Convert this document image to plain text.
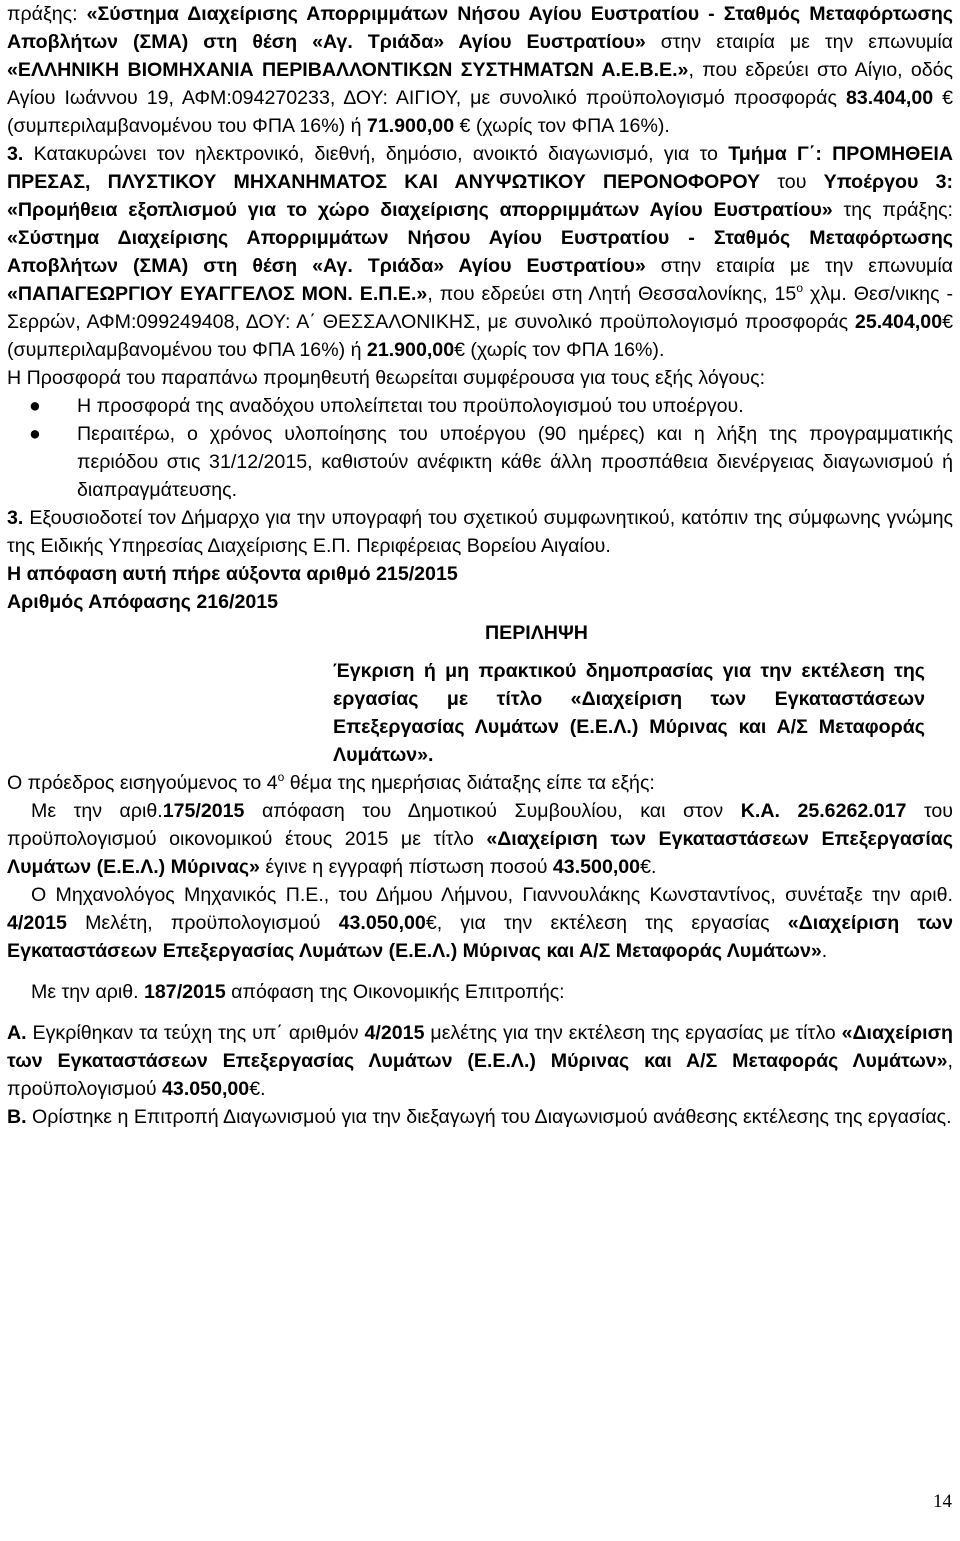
πράξης: «Σύστημα Διαχείρισης Απορριμμάτων Νήσου Αγίου Ευστρατίου - Σταθμός Μεταφόρτωσης Αποβλήτων (ΣΜΑ) στη θέση «Αγ. Τριάδα» Αγίου Ευστρατίου» στην εταιρία με την επωνυμία «ΕΛΛΗΝΙΚΗ ΒΙΟΜΗΧΑΝΙΑ ΠΕΡΙΒΑΛΛΟΝΤΙΚΩΝ ΣΥΣΤΗΜΑΤΩΝ Α.Ε.Β.Ε.», που εδρεύει στο Αίγιο, οδός Αγίου Ιωάννου 19, ΑΦΜ:094270233, ΔΟΥ: ΑΙΓΙΟΥ, με συνολικό προϋπολογισμό προσφοράς 83.404,00 € (συμπεριλαμβανομένου του ΦΠΑ 16%) ή 71.900,00 € (χωρίς τον ΦΠΑ 16%).

3. Κατακυρώνει τον ηλεκτρονικό, διεθνή, δημόσιο, ανοικτό διαγωνισμό, για το Τμήμα Γ΄: ΠΡΟΜΗΘΕΙΑ ΠΡΕΣΑΣ, ΠΛΥΣΤΙΚΟΥ ΜΗΧΑΝΗΜΑΤΟΣ ΚΑΙ ΑΝΥΨΩΤΙΚΟΥ ΠΕΡΟΝΟΦΟΡΟΥ του Υποέργου 3: «Προμήθεια εξοπλισμού για το χώρο διαχείρισης απορριμμάτων Αγίου Ευστρατίου» της πράξης: «Σύστημα Διαχείρισης Απορριμμάτων Νήσου Αγίου Ευστρατίου - Σταθμός Μεταφόρτωσης Αποβλήτων (ΣΜΑ) στη θέση «Αγ. Τριάδα» Αγίου Ευστρατίου» στην εταιρία με την επωνυμία «ΠΑΠΑΓΕΩΡΓΙΟΥ ΕΥΑΓΓΕΛΟΣ ΜΟΝ. Ε.Π.Ε.», που εδρεύει στη Λητή Θεσσαλονίκης, $15^o$ χλμ. Θεσ/νικης - Σερρών, ΑΦΜ:099249408, ΔΟΥ: Α΄ ΘΕΣΣΑΛΟΝΙΚΗΣ, με συνολικό προϋπολογισμό προσφοράς 25.404,00€ (συμπεριλαμβανομένου του ΦΠΑ 16%) ή 21.900,00€ (χωρίς τον ΦΠΑ 16%).

Η Προσφορά του παραπάνω προμηθευτή θεωρείται συμφέρουσα για τους εξής λόγους:

● Η προσφορά της αναδόχου υπολείπεται του προϋπολογισμού του υποέργου.
● Περαιτέρω, ο χρόνος υλοποίησης του υποέργου (90 ημέρες) και η λήξη της προγραμματικής περιόδου στις 31/12/2015, καθιστούν ανέφικτη κάθε άλλη προσπάθεια διενέργειας διαγωνισμού ή διαπραγμάτευσης.

3. Εξουσιοδοτεί τον Δήμαρχο για την υπογραφή του σχετικού συμφωνητικού, κατόπιν της σύμφωνης γνώμης της Ειδικής Υπηρεσίας Διαχείρισης Ε.Π. Περιφέρειας Βορείου Αιγαίου.

Η απόφαση αυτή πήρε αύξοντα αριθμό 215/2015
Αριθμός Απόφασης 216/2015
ΠΕΡΙΛΗΨΗ
Έγκριση ή μη πρακτικού δημοπρασίας για την εκτέλεση της εργασίας με τίτλο «Διαχείριση των Εγκαταστάσεων Επεξεργασίας Λυμάτων (Ε.Ε.Λ.) Μύρινας και Α/Σ Μεταφοράς Λυμάτων».

Ο πρόεδρος εισηγούμενος το $4^o$ θέμα της ημερήσιας διάταξης είπε τα εξής:

Με την αριθ.175/2015 απόφαση του Δημοτικού Συμβουλίου, και στον Κ.Α. 25.6262.017 του προϋπολογισμού οικονομικού έτους 2015 με τίτλο «Διαχείριση των Εγκαταστάσεων Επεξεργασίας Λυμάτων (Ε.Ε.Λ.) Μύρινας» έγινε η εγγραφή πίστωση ποσού 43.500,00€.

Ο Μηχανολόγος Μηχανικός Π.Ε., του Δήμου Λήμνου, Γιαννουλάκης Κωνσταντίνος, συνέταξε την αριθ. 4/2015 Μελέτη, προϋπολογισμού 43.050,00€, για την εκτέλεση της εργασίας «Διαχείριση των Εγκαταστάσεων Επεξεργασίας Λυμάτων (Ε.Ε.Λ.) Μύρινας και Α/Σ Μεταφοράς Λυμάτων».

Με την αριθ. 187/2015 απόφαση της Οικονομικής Επιτροπής:

Α. Εγκρίθηκαν τα τεύχη της υπ΄ αριθμόν 4/2015 μελέτης για την εκτέλεση της εργασίας με τίτλο «Διαχείριση των Εγκαταστάσεων Επεξεργασίας Λυμάτων (Ε.Ε.Λ.) Μύρινας και Α/Σ Μεταφοράς Λυμάτων», προϋπολογισμού 43.050,00€.

Β. Ορίστηκε η Επιτροπή Διαγωνισμού για την διεξαγωγή του Διαγωνισμού ανάθεσης εκτέλεσης της εργασίας.

14
